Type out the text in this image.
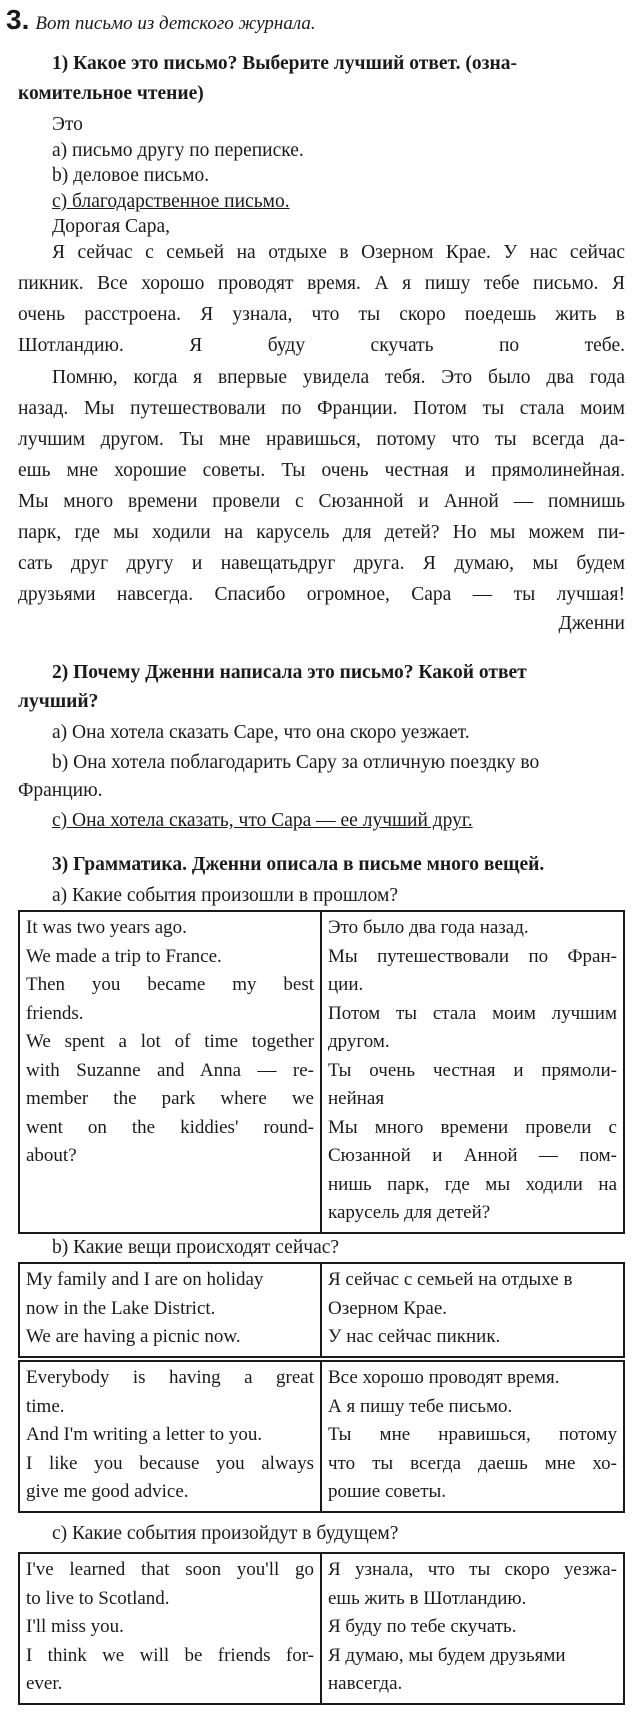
3. Вот письмо из детского журнала.
1) Какое это письмо? Выберите лучший ответ. (озна-
комительное чтение)
Это
a) письмо другу по переписке.
b) деловое письмо.
c) благодарственное письмо.
Дорогая Сара,
Я сейчас с семьей на отдыхе в Озерном Крае. У нас сейчас
пикник. Все хорошо проводят время. А я пишу тебе письмо. Я
очень расстроена. Я узнала, что ты скоро поедешь жить в
Шотландию. Я буду скучать по тебе.
Помню, когда я впервые увидела тебя. Это было два года
назад. Мы путешествовали по Франции. Потом ты стала моим
лучшим другом. Ты мне нравишься, потому что ты всегда да-
ешь мне хорошие советы. Ты очень честная и прямолинейная.
Мы много времени провели с Сюзанной и Анной — помнишь
парк, где мы ходили на карусель для детей? Но мы можем пи-
сать друг другу и навещатьдруг друга. Я думаю, мы будем
друзьями навсегда. Спасибо огромное, Сара — ты лучшая!
Дженни
2) Почему Дженни написала это письмо? Какой ответ
лучший?
a) Она хотела сказать Саре, что она скоро уезжает.
b) Она хотела поблагодарить Сару за отличную поездку во
Францию.
c) Она хотела сказать, что Сара — ее лучший друг.
3) Грамматика. Дженни описала в письме много вещей.
a) Какие события произошли в прошлом?
It was two years ago.
We made a trip to France.
Then you became my best
friends.
We spent a lot of time together
with Suzanne and Anna — re-
member the park where we
went on the kiddies' round-
about?

Это было два года назад.
Мы путешествовали по Фран-
ции.
Потом ты стала моим лучшим
другом.
Ты очень честная и прямоли-
нейная
Мы много времени провели с
Сюзанной и Анной — пом-
нишь парк, где мы ходили на
карусель для детей?
b) Какие вещи происходят сейчас?
My family and I are on holiday
now in the Lake District.
We are having a picnic now.

Я сейчас с семьей на отдыхе в
Озерном Крае.
У нас сейчас пикник.
Everybody is having a great
time.
And I'm writing a letter to you.
I like you because you always
give me good advice.

Все хорошо проводят время.
А я пишу тебе письмо.
Ты мне нравишься, потому
что ты всегда даешь мне хо-
рошие советы.
c) Какие события произойдут в будущем?
I've learned that soon you'll go
to live to Scotland.
I'll miss you.
I think we will be friends for-
ever.

Я узнала, что ты скоро уезжа-
ешь жить в Шотландию.
Я буду по тебе скучать.
Я думаю, мы будем друзьями
навсегда.
